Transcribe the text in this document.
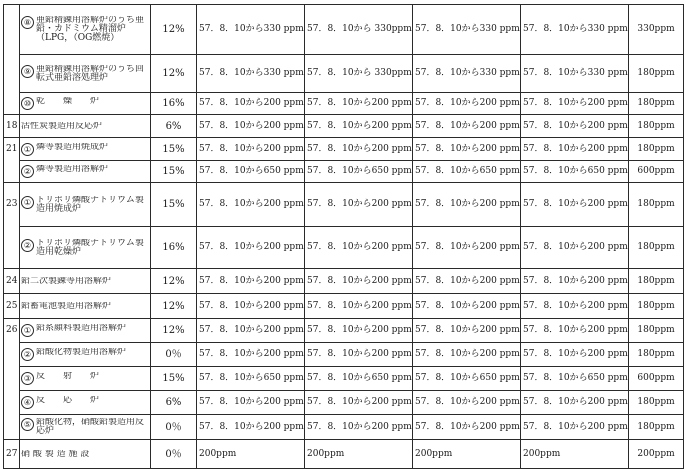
	⑧ 亜鉛精錬用溶解炉のうち亜鉛・カドミウム精溜炉（LPG，（OG燃焼）	12%	57．8．10から330 ppm	57．8．10から 330ppm	57．8．10から330 ppm	57．8．10から330 ppm	330ppm

	⑨ 亜鉛精錬用溶解炉のうち回転式亜鉛溶処理炉	12%	57．8．10から330 ppm	57．8．10から 330ppm	57．8．10から330 ppm	57．8．10から330 ppm	180ppm

	⑩ 乾　　燥　　炉	16%	57．8．10から200 ppm	57．8．10から200 ppm	57．8．10から200 ppm	57．8．10から200 ppm	180ppm
18	活性炭製造用反応炉	6%	57．8．10から200 ppm	57．8．10から200 ppm	57．8．10から200 ppm	57．8．10から200 ppm	180ppm
21	① 燐等製造用焼成炉	15%	57．8．10から200 ppm	57．8．10から200 ppm	57．8．10から200 ppm	57．8．10から200 ppm	180ppm

	② 燐等製造用溶解炉	15%	57．8．10から650 ppm	57．8．10から650 ppm	57．8．10から650 ppm	57．8．10から650 ppm	600ppm
23	① トリポリ燐酸ナトリウム製造用焼成炉	15%	57．8．10から200 ppm	57．8．10から200 ppm	57．8．10から200 ppm	57．8．10から200 ppm	180ppm

	② トリポリ燐酸ナトリウム製造用乾燥炉	16%	57．8．10から200 ppm	57．8．10から200 ppm	57．8．10から200 ppm	57．8．10から200 ppm	180ppm
24	鉛二次製錬等用溶解炉	12%	57．8．10から200 ppm	57．8．10から200 ppm	57．8．10から200 ppm	57．8．10から200 ppm	180ppm
25	鉛蓄電池製造用溶解炉	12%	57．8．10から200 ppm	57．8．10から200 ppm	57．8．10から200 ppm	57．8．10から200 ppm	180ppm
26	① 鉛系顔料製造用溶解炉	12%	57．8．10から200 ppm	57．8．10から200 ppm	57．8．10から200 ppm	57．8．10から200 ppm	180ppm

	② 鉛酸化物製造用溶解炉	0％	57．8．10から200 ppm	57．8．10から200 ppm	57．8．10から200 ppm	57．8．10から200 ppm	180ppm

	③ 反　　射　　炉	15%	57．8．10から650 ppm	57．8．10から650 ppm	57．8．10から650 ppm	57．8．10から650 ppm	600ppm

	④ 反　　応　　炉	6%	57．8．10から200 ppm	57．8．10から200 ppm	57．8．10から200 ppm	57．8．10から200 ppm	180ppm

	⑤ 鉛酸化物，硝酸鉛製造用反応炉	0％	57．8．10から200 ppm	57．8．10から200 ppm	57．8．10から200 ppm	57．8．10から200 ppm	180ppm
27	硝 酸 製 造 施 設	0％	200ppm	200ppm	200ppm	200ppm	200ppm
